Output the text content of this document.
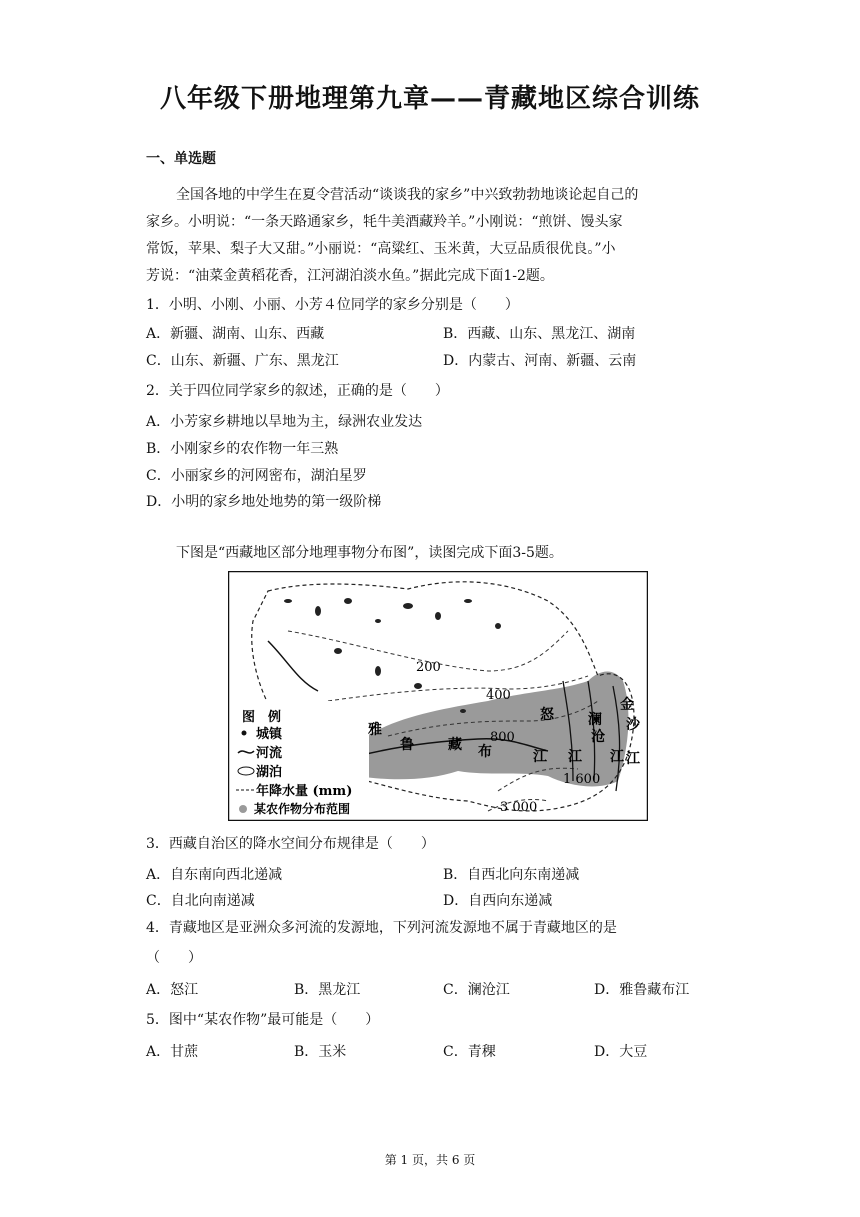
八年级下册地理第九章——青藏地区综合训练
一、单选题
全国各地的中学生在夏令营活动“谈谈我的家乡”中兴致勃勃地谈论起自己的
家乡。小明说：“一条天路通家乡，牦牛美酒藏羚羊。”小刚说：“煎饼、馒头家
常饭，苹果、梨子大又甜。”小丽说：“高粱红、玉米黄，大豆品质很优良。”小
芳说：“油菜金黄稻花香，江河湖泊淡水鱼。”据此完成下面1-2题。
1．小明、小刚、小丽、小芳４位同学的家乡分别是（　　）
A．新疆、湖南、山东、西藏	B．西藏、山东、黑龙江、湖南
C．山东、新疆、广东、黑龙江	D．内蒙古、河南、新疆、云南
2．关于四位同学家乡的叙述，正确的是（　　）
A．小芳家乡耕地以旱地为主，绿洲农业发达
B．小刚家乡的农作物一年三熟
C．小丽家乡的河网密布，湖泊星罗
D．小明的家乡地处地势的第一级阶梯
下图是“西藏地区部分地理事物分布图”，读图完成下面3-5题。
图　例
城镇
河流
湖泊
年降水量 (mm)
某农作物分布范围
200
400
800
1 600
3 000
雅
鲁 藏 布	江
怒
江
澜
沧
江
金
沙
江
3．西藏自治区的降水空间分布规律是（　　）
A．自东南向西北递减	B．自西北向东南递减
C．自北向南递减	D．自西向东递减
4．青藏地区是亚洲众多河流的发源地，下列河流发源地不属于青藏地区的是
（　　）
A．怒江	B．黑龙江	C．澜沧江	D．雅鲁藏布江
5．图中“某农作物”最可能是（　　）
A．甘蔗	B．玉米	C．青稞	D．大豆
第 1 页，共 6 页
